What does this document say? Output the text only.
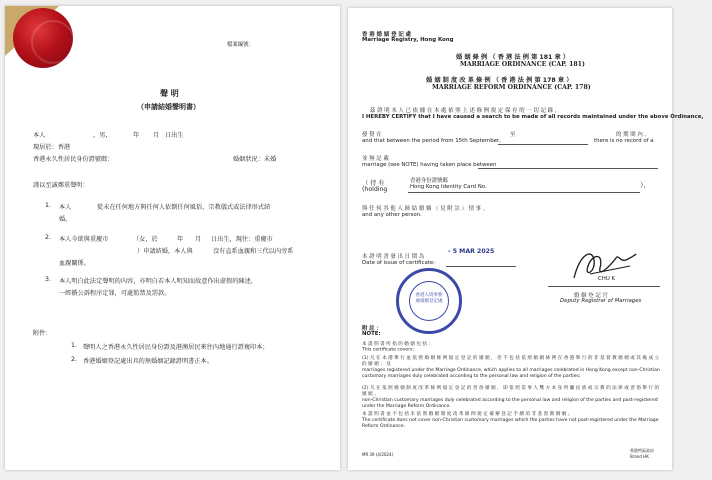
檔案編號：
聲 明
（申請結婚聲明書）
本人	，男，	年 月 日出生
現居於：香港
香港永久性居民身份證號碼：	婚姻狀況：未婚
謹以至誠鄭重聲明：
1. 本人	從未在任何地方與任何人依倒任何風俗、宗教儀式或法律形式結
婚。
2. 本人今欲與重慶市	（女，於	年 月 日出生，現住：重慶市
）申請結婚，本人與	沒有直系血親和三代以內旁系
血親關係。
3. 本人明白此法定聲明的內容，亦明白若本人明知而故意作出虛假的陳述，
一經循公訴程序定罪，可處監禁及罰款。
附件：
1. 聲明人之香港永久性居民身份證及港澳居民來往內地通行證複印本；
2. 香港婚姻登記處出具的無婚姻記錄證明書正本。
香 港 婚 姻 登 記 處
Marriage Registry, Hong Kong
婚 姻 條 例 （ 香 港 法 例 第 181 章 ）
MARRIAGE ORDINANCE (CAP. 181)
婚 姻 制 度 改 革 條 例 （ 香 港 法 例 第 178 章 ）
MARRIAGE REFORM ORDINANCE (CAP. 178)
茲 證 明 本 人 已 依 據 在 本 處 依 照 上 述 條 例 規 定 保 存 的 一 切 記 錄 ，
I HEREBY CERTIFY that I have caused a search to be made of all records maintained under the above Ordinance,
發 覺 在	至	的 期 間 內 ，
and that between the period from 15th September,	there is no record of a
並 無 記 載
marriage (see NOTE) having taken place between
（ 持 有	香港身份證號碼
(holding	Hong Kong Identity Card No.	），
與 任 何 其 他 人 締 結 婚 姻 （ 見 附 註 ） 情 事 。
and any other person.
本 證 明 書 發 出 日 期 為
Date of issue of certificate:
- 5 MAR 2025
CHU K
婚 姻 登 記 官
Deputy Registrar of Marriages
香港入境事務處婚姻登記處
附 註 ：
NOTE:
本 證 明 書 所 指 的 婚 姻 包 括 ：
This certificate covers:
(1) 凡 在 本 港 舉 行 並 依 照 婚 姻 條 例 規 定 登 記 的 婚 姻 ， 但 不 包 括 依 照 婚 姻 條 例 在 香 港 舉 行 的 非 基 督 教 婚 姻 或 其 後 成 立 的 婚 姻 ； 及
marriages registered under the Marriage Ordinance, which applies to all marriages celebrated in Hong Kong except non-Christian customary marriages duly celebrated according to the personal law and religion of the parties;
(2) 凡 在 依 照 婚 姻 制 度 改 革 條 例 規 定 登 記 的 習 俗 婚 姻 ， 即 依 照 當 事 人 雙 方 本 身 所 屬 民 族 或 宗 教 的 法 律 或 習 俗 舉 行 的 婚 姻 。
non-Christian customary marriages duly celebrated according to the personal law and religion of the parties and post-registered under the Marriage Reform Ordinance.
本 證 明 書 並 不 包 括 未 依 照 婚 姻 制 度 改 革 條 例 規 定 補 辦 登 記 手 續 的 非 基 督 教 婚 姻 。
The certificate does not cover non-Christian customary marriages which the parties have not post-registered under the Marriage Reform Ordinance.
MR 39 (4/2024)
香港特區政府
Brand HK
